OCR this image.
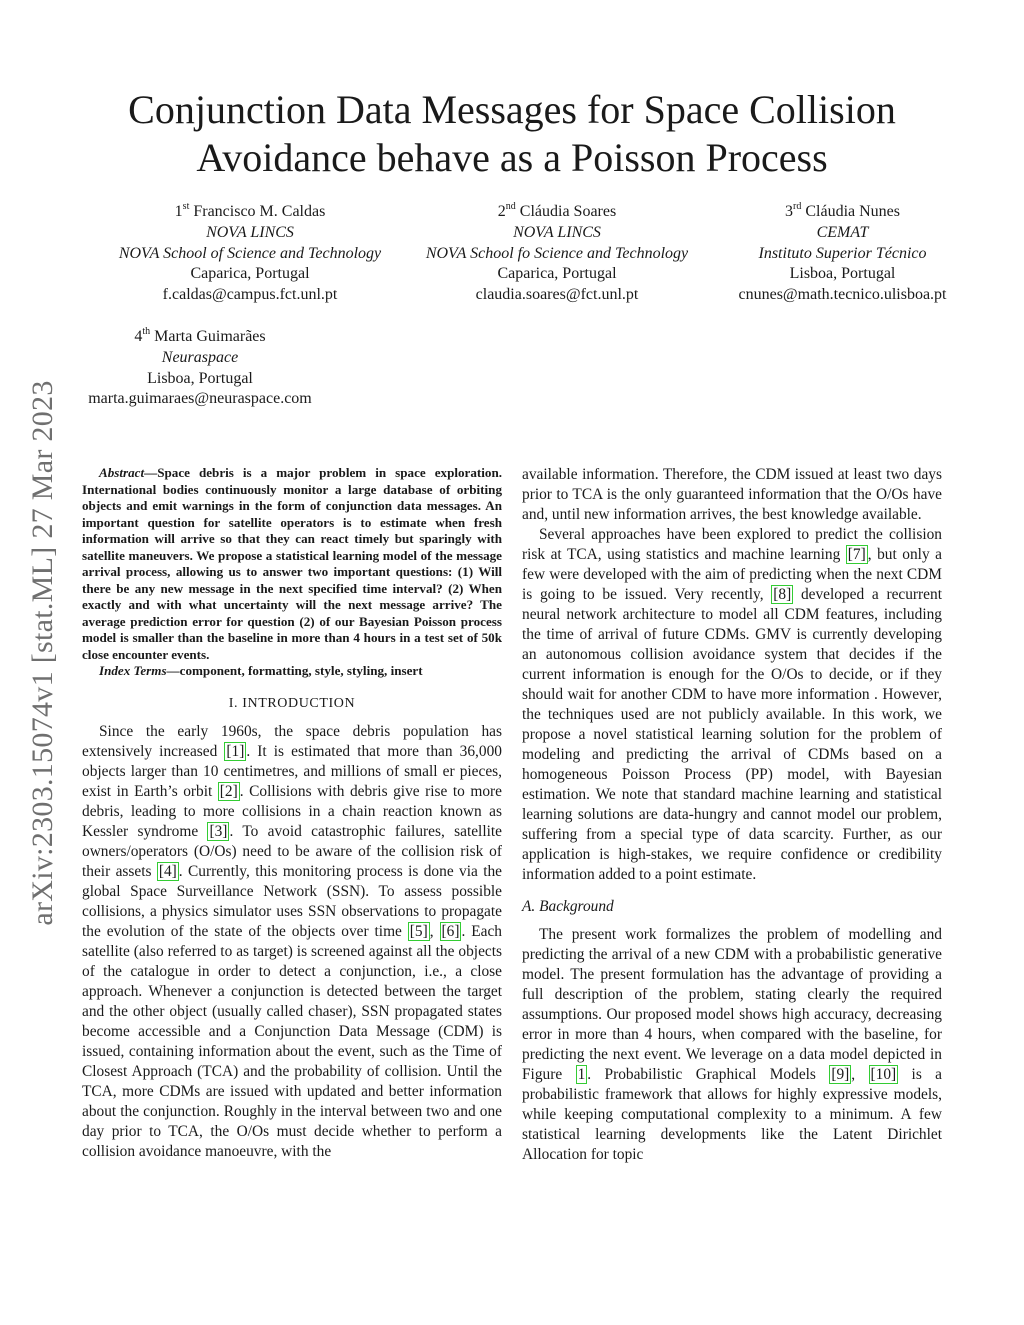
arXiv:2303.15074v1 [stat.ML] 27 Mar 2023
Conjunction Data Messages for Space Collision
Avoidance behave as a Poisson Process
1st Francisco M. Caldas
NOVA LINCS
NOVA School of Science and Technology
Caparica, Portugal
f.caldas@campus.fct.unl.pt
2nd Cláudia Soares
NOVA LINCS
NOVA School fo Science and Technology
Caparica, Portugal
claudia.soares@fct.unl.pt
3rd Cláudia Nunes
CEMAT
Instituto Superior Técnico
Lisboa, Portugal
cnunes@math.tecnico.ulisboa.pt
4th Marta Guimarães
Neuraspace
Lisboa, Portugal
marta.guimaraes@neuraspace.com

Abstract—Space debris is a major problem in space exploration. International bodies continuously monitor a large database of orbiting objects and emit warnings in the form of conjunction data messages. An important question for satellite operators is to estimate when fresh information will arrive so that they can react timely but sparingly with satellite maneuvers. We propose a statistical learning model of the message arrival process, allowing us to answer two important questions: (1) Will there be any new message in the next specified time interval? (2) When exactly and with what uncertainty will the next message arrive? The average prediction error for question (2) of our Bayesian Poisson process model is smaller than the baseline in more than 4 hours in a test set of 50k close encounter events.

Index Terms—component, formatting, style, styling, insert

I. INTRODUCTION

Since the early 1960s, the space debris population has extensively increased [1] . It is estimated that more than 36,000 objects larger than 10 centimetres, and millions of small er pieces, exist in Earth’s orbit [2] . Collisions with debris give rise to more debris, leading to more collisions in a chain reaction known as Kessler syndrome [3] . To avoid catastrophic failures, satellite owners/operators (O/Os) need to be aware of the collision risk of their assets [4] . Currently, this monitoring process is done via the global Space Surveillance Network (SSN). To assess possible collisions, a physics simulator uses SSN observations to propagate the evolution of the state of the objects over time [5] , [6] . Each satellite (also referred to as target) is screened against all the objects of the catalogue in order to detect a conjunction, i.e., a close approach. Whenever a conjunction is detected between the target and the other object (usually called chaser), SSN propagated states become accessible and a Conjunction Data Message (CDM) is issued, containing information about the event, such as the Time of Closest Approach (TCA) and the probability of collision. Until the TCA, more CDMs are issued with updated and better information about the conjunction. Roughly in the interval between two and one day prior to TCA, the O/Os must decide whether to perform a collision avoidance manoeuvre, with the

available information. Therefore, the CDM issued at least two days prior to TCA is the only guaranteed information that the O/Os have and, until new information arrives, the best knowledge available.

Several approaches have been explored to predict the collision risk at TCA, using statistics and machine learning [7] , but only a few were developed with the aim of predicting when the next CDM is going to be issued. Very recently, [8] developed a recurrent neural network architecture to model all CDM features, including the time of arrival of future CDMs. GMV is currently developing an autonomous collision avoidance system that decides if the current information is enough for the O/Os to decide, or if they should wait for another CDM to have more information . However, the techniques used are not publicly available. In this work, we propose a novel statistical learning solution for the problem of modeling and predicting the arrival of CDMs based on a homogeneous Poisson Process (PP) model, with Bayesian estimation. We note that standard machine learning and statistical learning solutions are data-hungry and cannot model our problem, suffering from a special type of data scarcity. Further, as our application is high-stakes, we require confidence or credibility information added to a point estimate.

A. Background

The present work formalizes the problem of modelling and predicting the arrival of a new CDM with a probabilistic generative model. The present formulation has the advantage of providing a full description of the problem, stating clearly the required assumptions. Our proposed model shows high accuracy, decreasing error in more than 4 hours, when compared with the baseline, for predicting the next event. We leverage on a data model depicted in Figure 1 . Probabilistic Graphical Models [9] , [10] is a probabilistic framework that allows for highly expressive models, while keeping computational complexity to a minimum. A few statistical learning developments like the Latent Dirichlet Allocation for topic
